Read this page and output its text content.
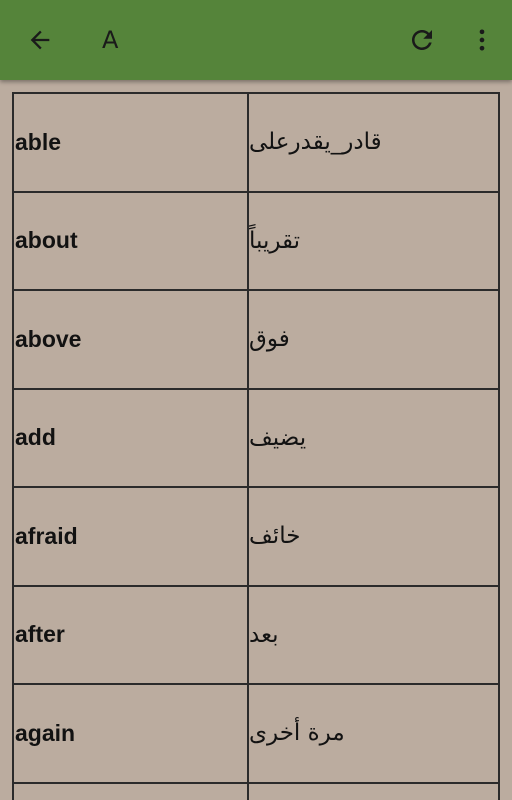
A
able	قادر_يقدرعلى
about	تقريباً
above	فوق
add	يضيف
afraid	خائف
after	بعد
again	مرة أخرى
